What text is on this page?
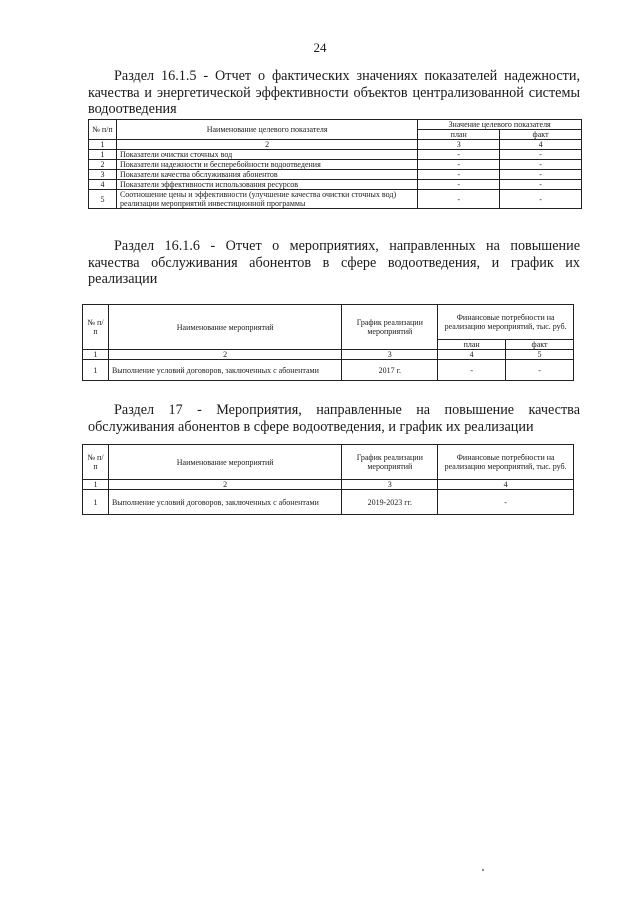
24
Раздел 16.1.5 - Отчет о фактических значениях показателей надежности, качества и энергетической эффективности объектов централизованной системы водоотведения
№ п/п	Наименование целевого показателя	Значение целевого показателя	
		план	факт
1	2	3	4
1	Показатели очистки сточных вод	-	-
2	Показатели надежности и бесперебойности водоотведения	-	-
3	Показатели качества обслуживания абонентов	-	-
4	Показатели эффективности использования ресурсов	-	-
5	Соотношение цены и эффективности (улучшение качества очистки сточных вод) реализации мероприятий инвестиционной программы	-	-
Раздел 16.1.6 - Отчет о мероприятиях, направленных на повышение качества обслуживания абонентов в сфере водоотведения, и график их реализации
№ п/п	Наименование мероприятий	График реализации мероприятий	Финансовые потребности на реализацию мероприятий, тыс. руб.	
			план	факт
1	2	3	4	5
1	Выполнение условий договоров, заключенных с абонентами	2017 г.	-	-
Раздел 17 - Мероприятия, направленные на повышение качества обслуживания абонентов в сфере водоотведения, и график их реализации
№ п/п	Наименование мероприятий	График реализации мероприятий	Финансовые потребности на реализацию мероприятий, тыс. руб.
1	2	3	4
1	Выполнение условий договоров, заключенных с абонентами	2019-2023 гг.	-
